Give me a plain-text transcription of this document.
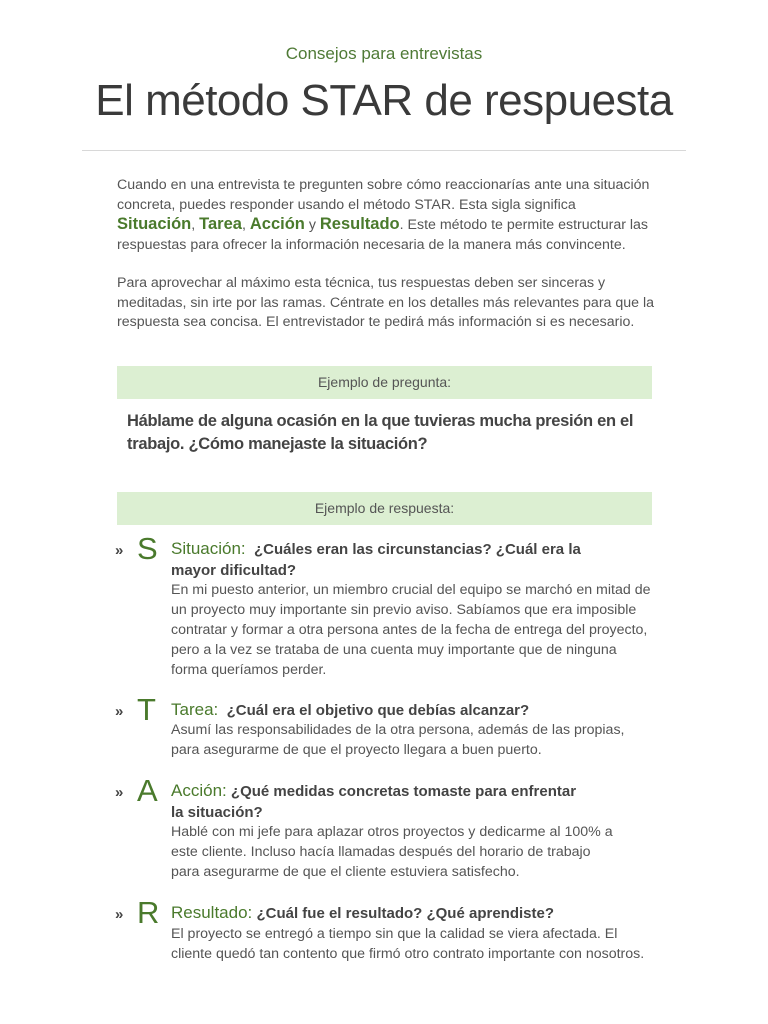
Consejos para entrevistas
El método STAR de respuesta

Cuando en una entrevista te pregunten sobre cómo reaccionarías ante una situación concreta, puedes responder usando el método STAR. Esta sigla significa Situación, Tarea, Acción y Resultado. Este método te permite estructurar las respuestas para ofrecer la información necesaria de la manera más convincente.

Para aprovechar al máximo esta técnica, tus respuestas deben ser sinceras y meditadas, sin irte por las ramas. Céntrate en los detalles más relevantes para que la respuesta sea concisa. El entrevistador te pedirá más información si es necesario.

Ejemplo de pregunta:

Háblame de alguna ocasión en la que tuvieras mucha presión en el trabajo. ¿Cómo manejaste la situación?

Ejemplo de respuesta:
» S Situación: ¿Cuáles eran las circunstancias? ¿Cuál era la mayor dificultad?

En mi puesto anterior, un miembro crucial del equipo se marchó en mitad de un proyecto muy importante sin previo aviso. Sabíamos que era imposible contratar y formar a otra persona antes de la fecha de entrega del proyecto, pero a la vez se trataba de una cuenta muy importante que de ninguna forma queríamos perder.

» T Tarea: ¿Cuál era el objetivo que debías alcanzar?

Asumí las responsabilidades de la otra persona, además de las propias, para asegurarme de que el proyecto llegara a buen puerto.

» A Acción: ¿Qué medidas concretas tomaste para enfrentar la situación?

Hablé con mi jefe para aplazar otros proyectos y dedicarme al 100% a este cliente. Incluso hacía llamadas después del horario de trabajo para asegurarme de que el cliente estuviera satisfecho.

» R Resultado: ¿Cuál fue el resultado? ¿Qué aprendiste?

El proyecto se entregó a tiempo sin que la calidad se viera afectada. El cliente quedó tan contento que firmó otro contrato importante con nosotros.
